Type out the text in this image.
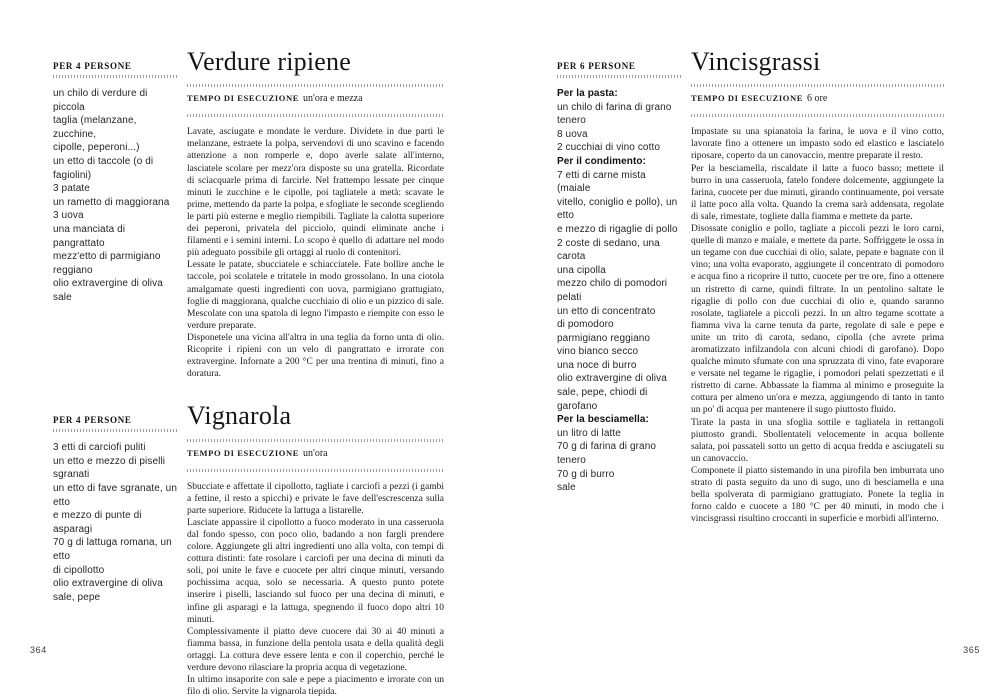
PER 4 PERSONE
un chilo di verdure di piccola
taglia (melanzane, zucchine,
cipolle, peperoni...)
un etto di taccole (o di fagiolini)
3 patate
un rametto di maggiorana
3 uova
una manciata di pangrattato
mezz'etto di parmigiano reggiano
olio extravergine di oliva
sale
Verdure ripiene
TEMPO DI ESECUZIONE un'ora e mezza

Lavate, asciugate e mondate le verdure. Dividete in due parti le melanzane, estraete la polpa, servendovi di uno scavino e facendo attenzione a non romperle e, dopo averle salate all'interno, lasciatele scolare per mezz'ora disposte su una gratella. Ricordate di sciacquarle prima di farcirle. Nel frattempo lessate per cinque minuti le zucchine e le cipolle, poi tagliatele a metà: scavate le prime, mettendo da parte la polpa, e sfogliate le seconde scegliendo le parti più esterne e meglio riempibili. Tagliate la calotta superiore dei peperoni, privatela del picciolo, quindi eliminate anche i filamenti e i semini interni. Lo scopo è quello di adattare nel modo più adeguato possibile gli ortaggi al ruolo di contenitori.

Lessate le patate, sbucciatele e schiacciatele. Fate bollire anche le taccole, poi scolatele e tritatele in modo grossolano. In una ciotola amalgamate questi ingredienti con uova, parmigiano grattugiato, foglie di maggiorana, qualche cucchiaio di olio e un pizzico di sale. Mescolate con una spatola di legno l'impasto e riempite con esso le verdure preparate.

Disponetele una vicina all'altra in una teglia da forno unta di olio. Ricoprite i ripieni con un velo di pangrattato e irrorate con extravergine. Infornate a 200 °C per una trentina di minuti, fino a doratura.

PER 4 PERSONE
3 etti di carciofi puliti
un etto e mezzo di piselli sgranati
un etto di fave sgranate, un etto
e mezzo di punte di asparagi
70 g di lattuga romana, un etto
di cipollotto
olio extravergine di oliva
sale, pepe
Vignarola
TEMPO DI ESECUZIONE un'ora

Sbucciate e affettate il cipollotto, tagliate i carciofi a pezzi (i gambi a fettine, il resto a spicchi) e private le fave dell'escrescenza sulla parte superiore. Riducete la lattuga a listarelle.

Lasciate appassire il cipollotto a fuoco moderato in una casseruola dal fondo spesso, con poco olio, badando a non fargli prendere colore. Aggiungete gli altri ingredienti uno alla volta, con tempi di cottura distinti: fate rosolare i carciofi per una decina di minuti da soli, poi unite le fave e cuocete per altri cinque minuti, versando pochissima acqua, solo se necessaria. A questo punto potete inserire i piselli, lasciando sul fuoco per una decina di minuti, e infine gli asparagi e la lattuga, spegnendo il fuoco dopo altri 10 minuti.

Complessivamente il piatto deve cuocere dai 30 ai 40 minuti a fiamma bassa, in funzione della pentola usata e della qualità degli ortaggi. La cottura deve essere lenta e con il coperchio, perché le verdure devono rilasciare la propria acqua di vegetazione.

In ultimo insaporite con sale e pepe a piacimento e irrorate con un filo di olio. Servite la vignarola tiepida.

PER 6 PERSONE
Per la pasta:
un chilo di farina di grano tenero
8 uova
2 cucchiai di vino cotto
Per il condimento:
7 etti di carne mista (maiale
vitello, coniglio e pollo), un etto
e mezzo di rigaglie di pollo
2 coste di sedano, una carota
una cipolla
mezzo chilo di pomodori pelati
un etto di concentrato
di pomodoro
parmigiano reggiano
vino bianco secco
una noce di burro
olio extravergine di oliva
sale, pepe, chiodi di garofano
Per la besciamella:
un litro di latte
70 g di farina di grano tenero
70 g di burro
sale
Vincisgrassi
TEMPO DI ESECUZIONE 6 ore

Impastate su una spianatoia la farina, le uova e il vino cotto, lavorate fino a ottenere un impasto sodo ed elastico e lasciatelo riposare, coperto da un canovaccio, mentre preparate il resto.

Per la besciamella, riscaldate il latte a fuoco basso; mettete il burro in una casseruola, fatelo fondere dolcemente, aggiungete la farina, cuocete per due minuti, girando continuamente, poi versate il latte poco alla volta. Quando la crema sarà addensata, regolate di sale, rimestate, togliete dalla fiamma e mettete da parte.

Disossate coniglio e pollo, tagliate a piccoli pezzi le loro carni, quelle di manzo e maiale, e mettete da parte. Soffriggete le ossa in un tegame con due cucchiai di olio, salate, pepate e bagnate con il vino; una volta evaporato, aggiungete il concentrato di pomodoro e acqua fino a ricoprire il tutto, cuocete per tre ore, fino a ottenere un ristretto di carne, quindi filtrate. In un pentolino saltate le rigaglie di pollo con due cucchiai di olio e, quando saranno rosolate, tagliatele a piccoli pezzi. In un altro tegame scottate a fiamma viva la carne tenuta da parte, regolate di sale e pepe e unite un trito di carota, sedano, cipolla (che avrete prima aromatizzato infilzandola con alcuni chiodi di garofano). Dopo qualche minuto sfumate con una spruzzata di vino, fate evaporare e versate nel tegame le rigaglie, i pomodori pelati spezzettati e il ristretto di carne. Abbassate la fiamma al minimo e proseguite la cottura per almeno un'ora e mezza, aggiungendo di tanto in tanto un po' di acqua per mantenere il sugo piuttosto fluido.

Tirate la pasta in una sfoglia sottile e tagliatela in rettangoli piuttosto grandi. Sbollentateli velocemente in acqua bollente salata, poi passateli sotto un getto di acqua fredda e asciugateli su un canovaccio.

Componete il piatto sistemando in una pirofila ben imburrata uno strato di pasta seguito da uno di sugo, uno di besciamella e una bella spolverata di parmigiano grattugiato. Ponete la teglia in forno caldo e cuocete a 180 °C per 40 minuti, in modo che i vincisgrassi risultino croccanti in superficie e morbidi all'interno.

364	365
